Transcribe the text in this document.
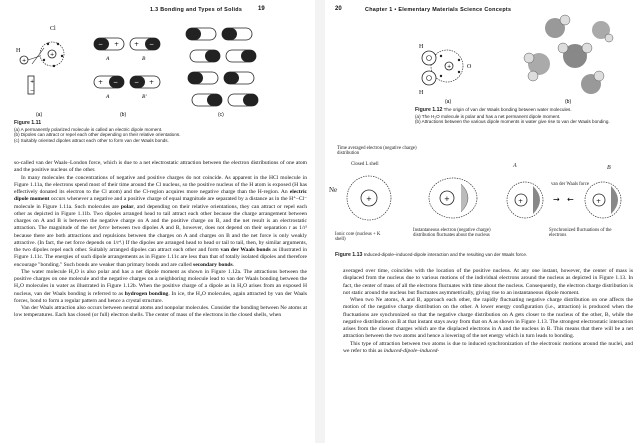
1.3 Bonding and Types of Solids	19
+
+
+
−
Cl
H
+
−	+ −
+ −	+
−
A	B
A	B'
(a)	(b)	(c)

Figure 1.11

(a) A permanently polarized molecule is called an electric dipole moment.

(b) Dipoles can attract or repel each other depending on their relative orientations.

(c) Suitably oriented dipoles attract each other to form van der Waals bonds.

so-called van der Waals–London force, which is due to a net electrostatic attraction between the electron distributions of one atom and the positive nucleus of the other.

In many molecules the concentrations of negative and positive charges do not coincide. As apparent in the HCl molecule in Figure 1.11a, the electrons spend most of their time around the Cl nucleus, so the positive nucleus of the H atom is exposed (H has effectively donated its electron to the Cl atom) and the Cl-region acquires more negative charge than the H-region. An electric dipole moment occurs whenever a negative and a positive charge of equal magnitude are separated by a distance as in the H⁺–Cl⁻ molecule in Figure 1.11a. Such molecules are polar, and depending on their relative orientations, they can attract or repel each other as depicted in Figure 1.11b. Two dipoles arranged head to tail attract each other because the charge arrangement between charges on A and B is between the negative charge on A and the positive charge on B, and the net result is an electrostatic attraction. The magnitude of the net force between two dipoles A and B, however, does not depend on their separation r as 1/r² because there are both attractions and repulsions between the charges on A and charges on B and the net force is only weakly attractive. (In fact, the net force depends on 1/r⁴.) If the dipoles are arranged head to head or tail to tail, then, by similar arguments, the two dipoles repel each other. Suitably arranged dipoles can attract each other and form van der Waals bonds as illustrated in Figure 1.11c. The energies of such dipole arrangements as in Figure 1.11c are less than that of totally isolated dipoles and therefore encourage "bonding." Such bonds are weaker than primary bonds and are called secondary bonds.

The water molecule H₂O is also polar and has a net dipole moment as shown in Figure 1.12a. The attractions between the positive charges on one molecule and the negative charges on a neighboring molecule lead to van der Waals bonding between the H₂O molecules in water as illustrated in Figure 1.12b. When the positive charge of a dipole as in H₂O arises from an exposed H nucleus, van der Waals bonding is referred to as hydrogen bonding. In ice, the H₂O molecules, again attracted by van der Waals forces, bond to form a regular pattern and hence a crystal structure.

Van der Waals attraction also occurs between neutral atoms and nonpolar molecules. Consider the bonding between Ne atoms at low temperatures. Each has closed (or full) electron shells. The center of mass of the electrons in the closed shells, when

20	Chapter 1 • Elementary Materials Science Concepts
+
H
H
O
(a)	(b)

Figure 1.12 The origin of van der Waals bonding between water molecules.

(a) The H₂O molecule is polar and has a net permanent dipole moment.

(b) Attractions between the various dipole moments in water give rise to van der Waals bonding.

Time averaged electron (negative charge) distribution
Closed L shell
Ne
A	B
van der Waals force
+	+	+	→ ←	+
Ionic core (nucleus + K shell)
Instantaneous electron (negative charge) distribution fluctuates about the nucleus
Synchronized fluctuations of the electrons

Figure 1.13 Induced-dipole–induced-dipole interaction and the resulting van der Waals force.

averaged over time, coincides with the location of the positive nucleus. At any one instant, however, the center of mass is displaced from the nucleus due to various motions of the individual electrons around the nucleus as depicted in Figure 1.13. In fact, the center of mass of all the electrons fluctuates with time about the nucleus. Consequently, the electron charge distribution is not static around the nucleus but fluctuates asymmetrically, giving rise to an instantaneous dipole moment.

When two Ne atoms, A and B, approach each other, the rapidly fluctuating negative charge distribution on one affects the motion of the negative charge distribution on the other. A lower energy configuration (i.e., attraction) is produced when the fluctuations are synchronized so that the negative charge distribution on A gets closer to the nucleus of the other, B, while the negative distribution on B at that instant stays away from that on A as shown in Figure 1.13. The strongest electrostatic interaction arises from the closest charges which are the displaced electrons in A and the nucleus in B. This means that there will be a net attraction between the two atoms and hence a lowering of the net energy which in turn leads to bonding.

This type of attraction between two atoms is due to induced synchronization of the electronic motions around the nuclei, and we refer to this as induced-dipole–induced-
